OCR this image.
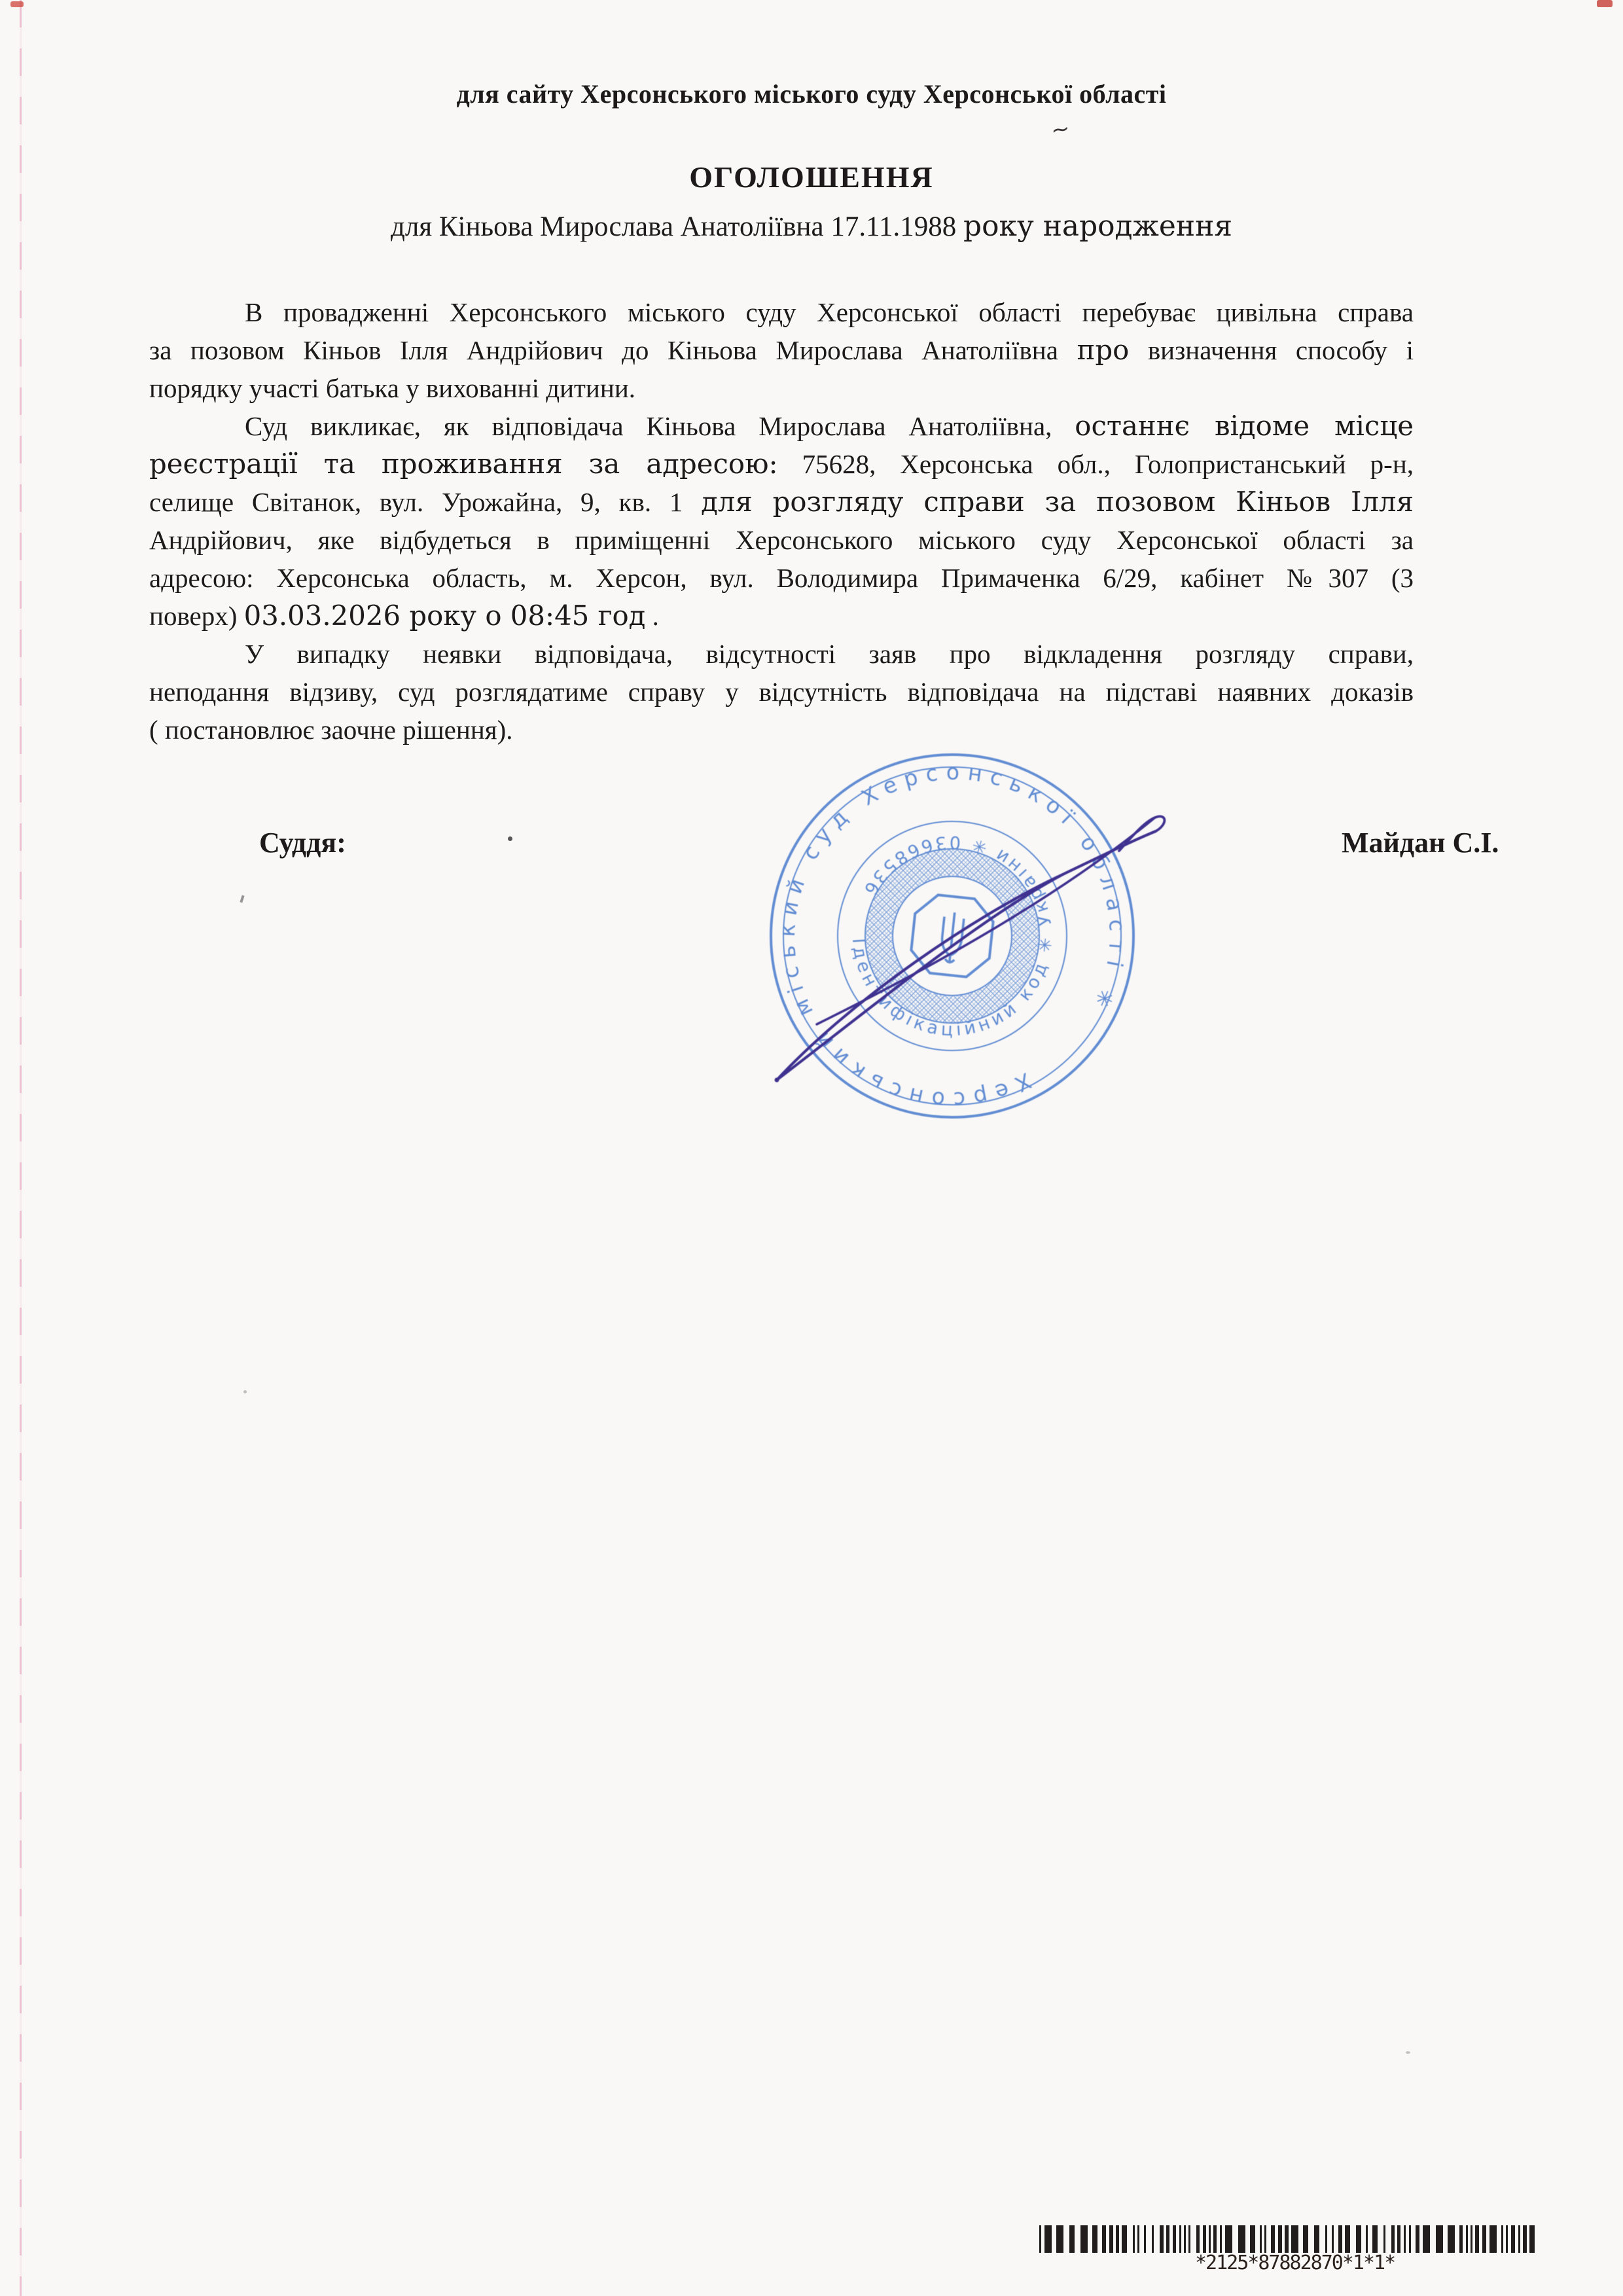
для сайту Херсонського міського суду Херсонської області
ОГОЛОШЕННЯ
для Кіньова Мирослава Анатоліївна 17.11.1988 року народження
В провадженні Херсонського міського суду Херсонської області перебуває цивільна справа
за позовом Кіньов Ілля Андрійович до Кіньова Мирослава Анатоліївна про визначення способу і
порядку участі батька у вихованні дитини.
Суд викликає, як відповідача Кіньова Мирослава Анатоліївна, останнє відоме місце
реєстрації та проживання за адресою: 75628, Херсонська обл., Голопристанський р-н,
селище Світанок, вул. Урожайна, 9, кв. 1 для розгляду справи за позовом Кіньов Ілля
Андрійович, яке відбудеться в приміщенні Херсонського міського суду Херсонської області за
адресою: Херсонська область, м. Херсон, вул. Володимира Примаченка 6/29, кабінет №307 (3
поверх) 03.03.2026 року о 08:45 год .
У випадку неявки відповідача, відсутності заяв про відкладення розгляду справи,
неподання відзиву, суд розглядатиме справу у відсутність відповідача на підставі наявних доказів
( постановлює заочне рішення).
Суддя:	Майдан С.І.
Херсонський міський суд Херсонської області ✳
Ідентифікаційний код ✳ України ✳ 03668536
*2125*87882870*1*1*
∼
